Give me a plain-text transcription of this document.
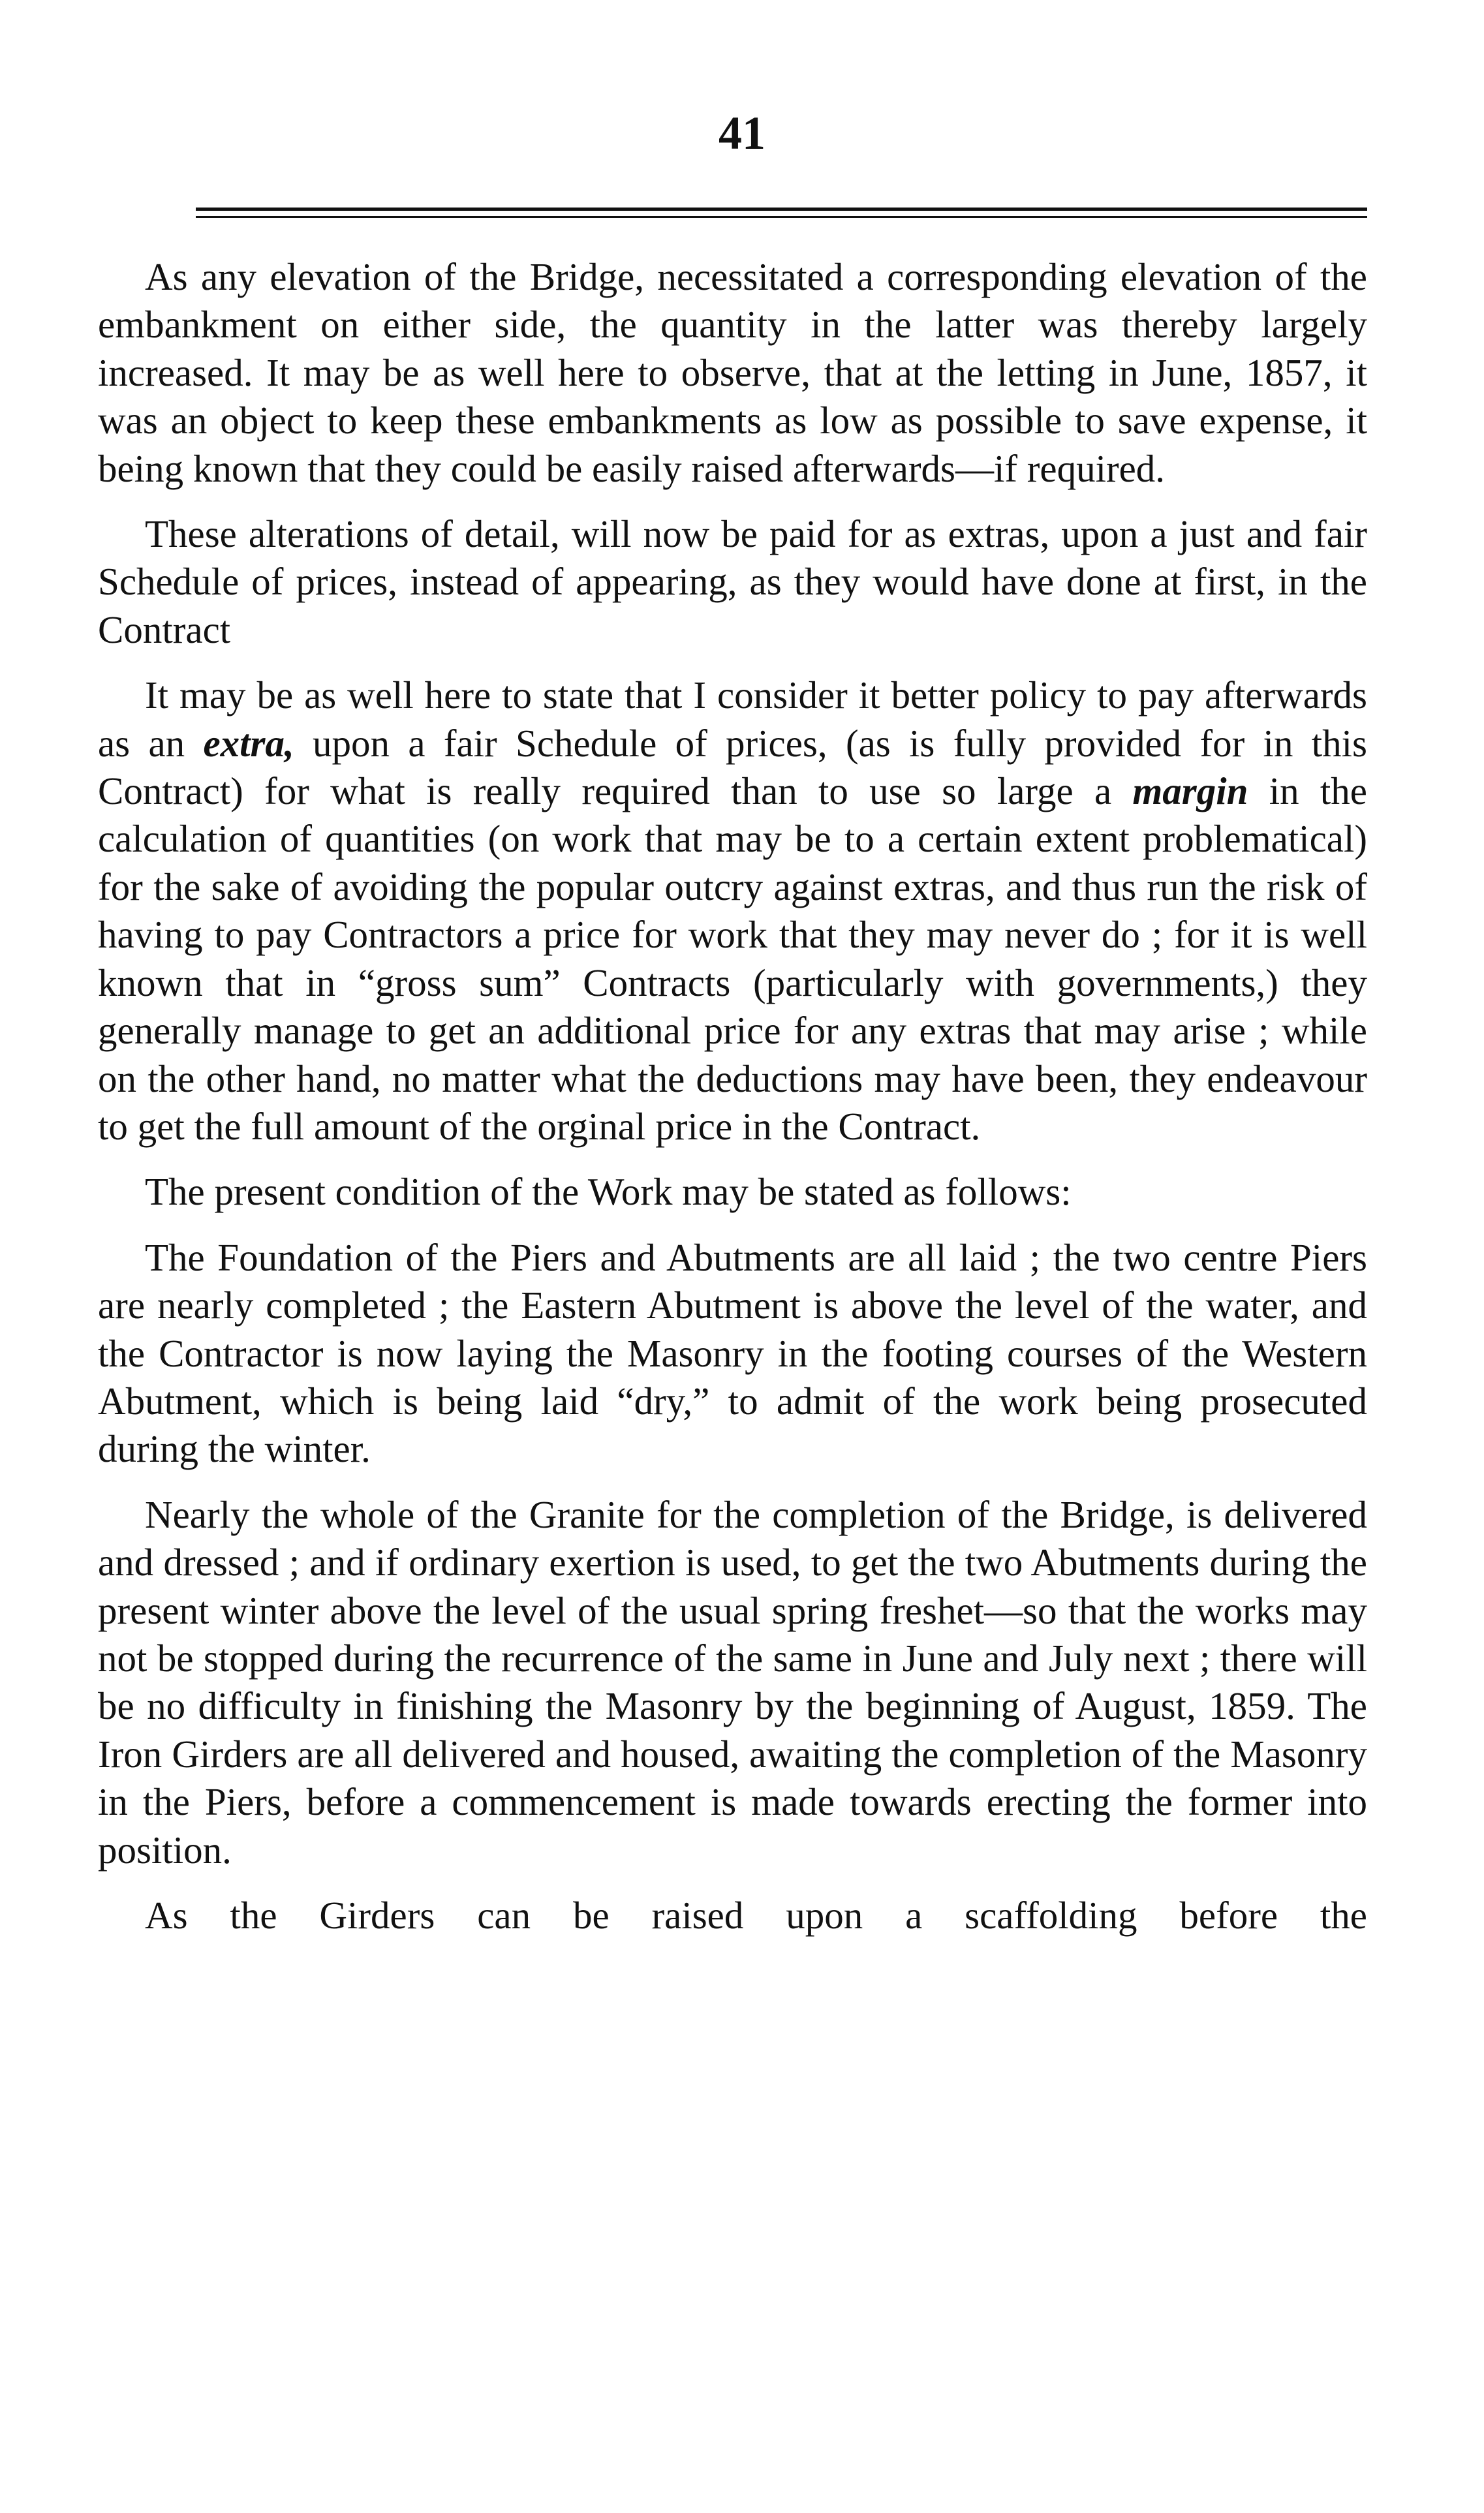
41

As any elevation of the Bridge, necessitated a corresponding elevation of the embankment on either side, the quantity in the latter was thereby largely increased. It may be as well here to observe, that at the letting in June, 1857, it was an object to keep these embankments as low as possible to save expense, it being known that they could be easily raised afterwards—if required.

These alterations of detail, will now be paid for as extras, upon a just and fair Schedule of prices, instead of appearing, as they would have done at first, in the Contract

It may be as well here to state that I consider it better policy to pay afterwards as an extra, upon a fair Schedule of prices, (as is fully provided for in this Contract) for what is really required than to use so large a margin in the calculation of quantities (on work that may be to a certain extent problematical) for the sake of avoiding the popular outcry against extras, and thus run the risk of having to pay Contractors a price for work that they may never do ; for it is well known that in “gross sum” Contracts (particularly with governments,) they generally manage to get an additional price for any extras that may arise ; while on the other hand, no matter what the deductions may have been, they endeavour to get the full amount of the orginal price in the Contract.

The present condition of the Work may be stated as follows:

The Foundation of the Piers and Abutments are all laid ; the two centre Piers are nearly completed ; the Eastern Abutment is above the level of the water, and the Contractor is now laying the Masonry in the footing courses of the Western Abutment, which is being laid “dry,” to admit of the work being prosecuted during the winter.

Nearly the whole of the Granite for the completion of the Bridge, is delivered and dressed ; and if ordinary exertion is used, to get the two Abutments during the present winter above the level of the usual spring freshet—so that the works may not be stopped during the recurrence of the same in June and July next ; there will be no difficulty in finishing the Masonry by the beginning of August, 1859. The Iron Girders are all delivered and housed, awaiting the completion of the Masonry in the Piers, before a commencement is made towards erecting the former into position.

As the Girders can be raised upon a scaffolding before the
